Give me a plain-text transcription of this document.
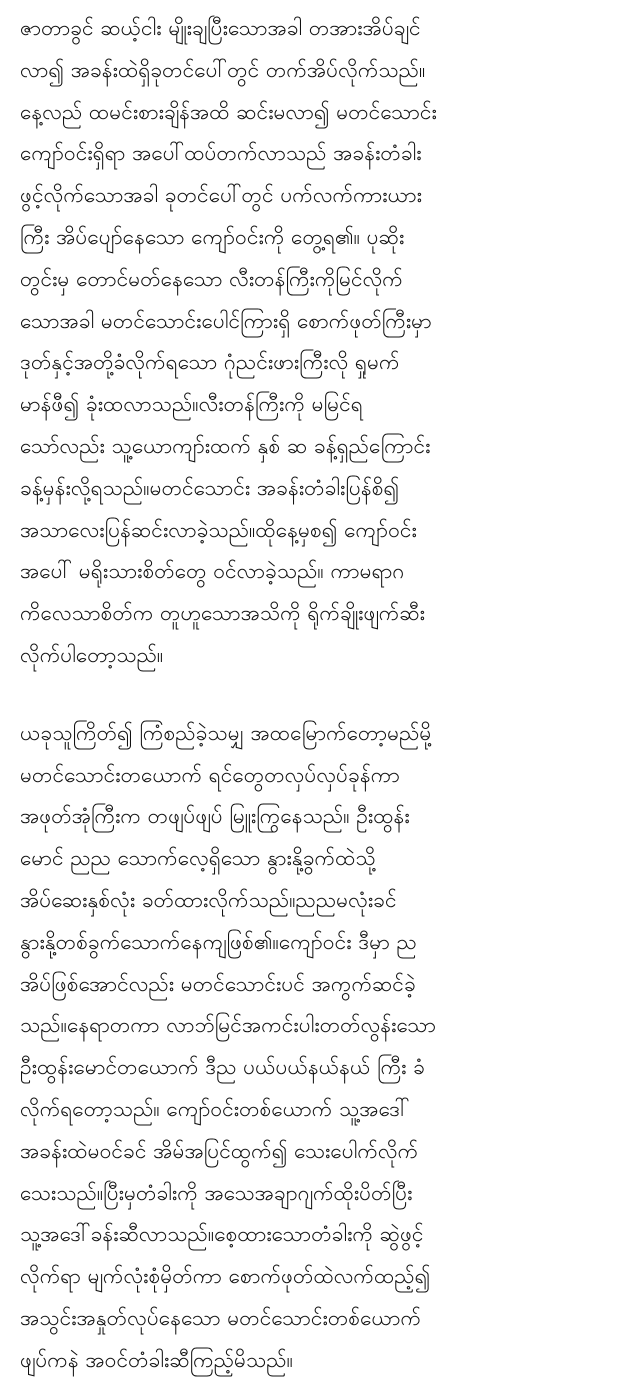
ဇာတာခွင် ဆယ့်ငါး မျိုးချပြီးသောအခါ တအားအိပ်ချင်
လာ၍ အခန်းထဲရှိခုတင်ပေါ်တွင် တက်အိပ်လိုက်သည်။
နေ့လည် ထမင်းစားချိန်အထိ ဆင်းမလာ၍ မတင်သောင်း
ကျော်ဝင်းရှိရာ အပေါ်ထပ်တက်လာသည် အခန်းတံခါး
ဖွင့်လိုက်သောအခါ ခုတင်ပေါ်တွင် ပက်လက်ကားယား
ကြီး အိပ်ပျော်နေသော ကျော်ဝင်းကို တွေ့ရ၏။ ပုဆိုး
တွင်းမှ တောင်မတ်နေသော လီးတန်ကြီးကိုမြင်လိုက်
သောအခါ မတင်သောင်းပေါင်ကြားရှိ စောက်ဖုတ်ကြီးမှာ
ဒုတ်နှင့်အတို့ခံလိုက်ရသော ဂုံညင်းဖားကြီးလို ရှုမက်
မာန်ဖီ၍ ခုံးထလာသည်။လီးတန်ကြီးကို မမြင်ရ
သော်လည်း သူ့ယောကျာ်းထက် နှစ် ဆ ခန့်ရှည်ကြောင်း
ခန့်မှန်းလို့ရသည်။မတင်သောင်း အခန်းတံခါးပြန်စိ၍
အသာလေးပြန်ဆင်းလာခဲ့သည်။ထိုနေ့မှစ၍ ကျော်ဝင်း
အပေါ် မရိုးသားစိတ်တွေ ဝင်လာခဲ့သည်။ ကာမရာဂ
ကိလေသာစိတ်က တူဟူသောအသိကို ရိုက်ချိုးဖျက်ဆီး
လိုက်ပါတော့သည်။
ယခုသူကြိတ်၍ ကြံစည်ခဲ့သမျှ အထမြောက်တော့မည်မို့
မတင်သောင်းတယောက် ရင်တွေတလှပ်လှပ်ခုန်ကာ
အဖုတ်အုံကြီးက တဖျပ်ဖျပ် မြူးကြွနေသည်။ ဦးထွန်း
မောင် ညည သောက်လေ့ရှိသော နွားနို့ခွက်ထဲသို့
အိပ်ဆေးနှစ်လုံး ခတ်ထားလိုက်သည်။ညညမလုံးခင်
နွားနို့တစ်ခွက်သောက်နေကျဖြစ်၏။ကျော်ဝင်း ဒီမှာ ည
အိပ်ဖြစ်အောင်လည်း မတင်သောင်းပင် အကွက်ဆင်ခဲ့
သည်။နေရာတကာ လာဘ်မြင်အကင်းပါးတတ်လွန်းသော
ဦးထွန်းမောင်တယောက် ဒီည ပယ်ပယ်နယ်နယ် ကြီး ခံ
လိုက်ရတော့သည်။ ကျော်ဝင်းတစ်ယောက် သူ့အဒေါ်
အခန်းထဲမဝင်ခင် အိမ်အပြင်ထွက်၍ သေးပေါက်လိုက်
သေးသည်။ပြီးမှတံခါးကို အသေအချာဂျက်ထိုးပိတ်ပြီး
သူ့အဒေါ်ခန်းဆီလာသည်။စေ့ထားသောတံခါးကို ဆွဲဖွင့်
လိုက်ရာ မျက်လုံးစုံမှိတ်ကာ စောက်ဖုတ်ထဲလက်ထည့်၍
အသွင်းအနှုတ်လုပ်နေသော မတင်သောင်းတစ်ယောက်
ဖျပ်ကနဲ အဝင်တံခါးဆီကြည့်မိသည်။
